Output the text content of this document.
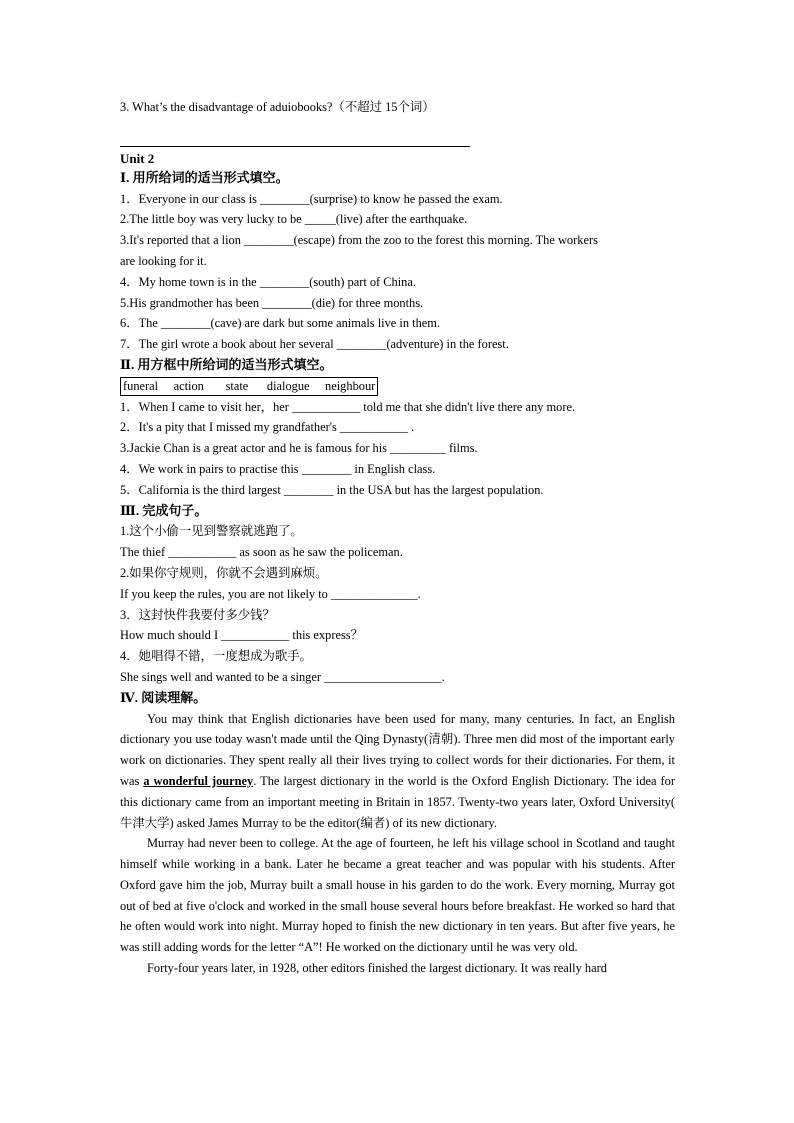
3. What’s the disadvantage of aduiobooks?（不超过 15个词）
Unit 2
Ⅰ. 用所给词的适当形式填空。
1．Everyone in our class is ________(surprise) to know he passed the exam.
2.The little boy was very lucky to be _____(live) after the earthquake.
3.It's reported that a lion ________(escape) from the zoo to the forest this morning. The workers
are looking for it.
4．My home town is in the ________(south) part of China.
5.His grandmother has been ________(die) for three months.
6．The ________(cave) are dark but some animals live in them.
7．The girl wrote a book about her several ________(adventure) in the forest.
Ⅱ. 用方框中所给词的适当形式填空。
funeral action state dialogue neighbour
1．When I came to visit her，her ___________ told me that she didn't live there any more.
2．It's a pity that I missed my grandfather's ___________ .
3.Jackie Chan is a great actor and he is famous for his _________ films.
4．We work in pairs to practise this ________ in English class.
5．California is the third largest ________ in the USA but has the largest population.
Ⅲ. 完成句子。
1.这个小偷一见到警察就逃跑了。
The thief ___________ as soon as he saw the policeman.
2.如果你守规则，你就不会遇到麻烦。
If you keep the rules, you are not likely to ______________.
3．这封快件我要付多少钱？
How much should I ___________ this express？
4．她唱得不错，一度想成为歌手。
She sings well and wanted to be a singer ___________________.
Ⅳ. 阅读理解。

You may think that English dictionaries have been used for many, many centuries. In fact, an English dictionary you use today wasn't made until the Qing Dynasty(清朝). Three men did most of the important early work on dictionaries. They spent really all their lives trying to collect words for their dictionaries. For them, it was a wonderful journey. The largest dictionary in the world is the Oxford English Dictionary. The idea for this dictionary came from an important meeting in Britain in 1857. Twenty-two years later, Oxford University( 牛津大学) asked James Murray to be the editor(编者) of its new dictionary.

Murray had never been to college. At the age of fourteen, he left his village school in Scotland and taught himself while working in a bank. Later he became a great teacher and was popular with his students. After Oxford gave him the job, Murray built a small house in his garden to do the work. Every morning, Murray got out of bed at five o'clock and worked in the small house several hours before breakfast. He worked so hard that he often would work into night. Murray hoped to finish the new dictionary in ten years. But after five years, he was still adding words for the letter “A”! He worked on the dictionary until he was very old.

Forty-four years later, in 1928, other editors finished the largest dictionary. It was really hard
